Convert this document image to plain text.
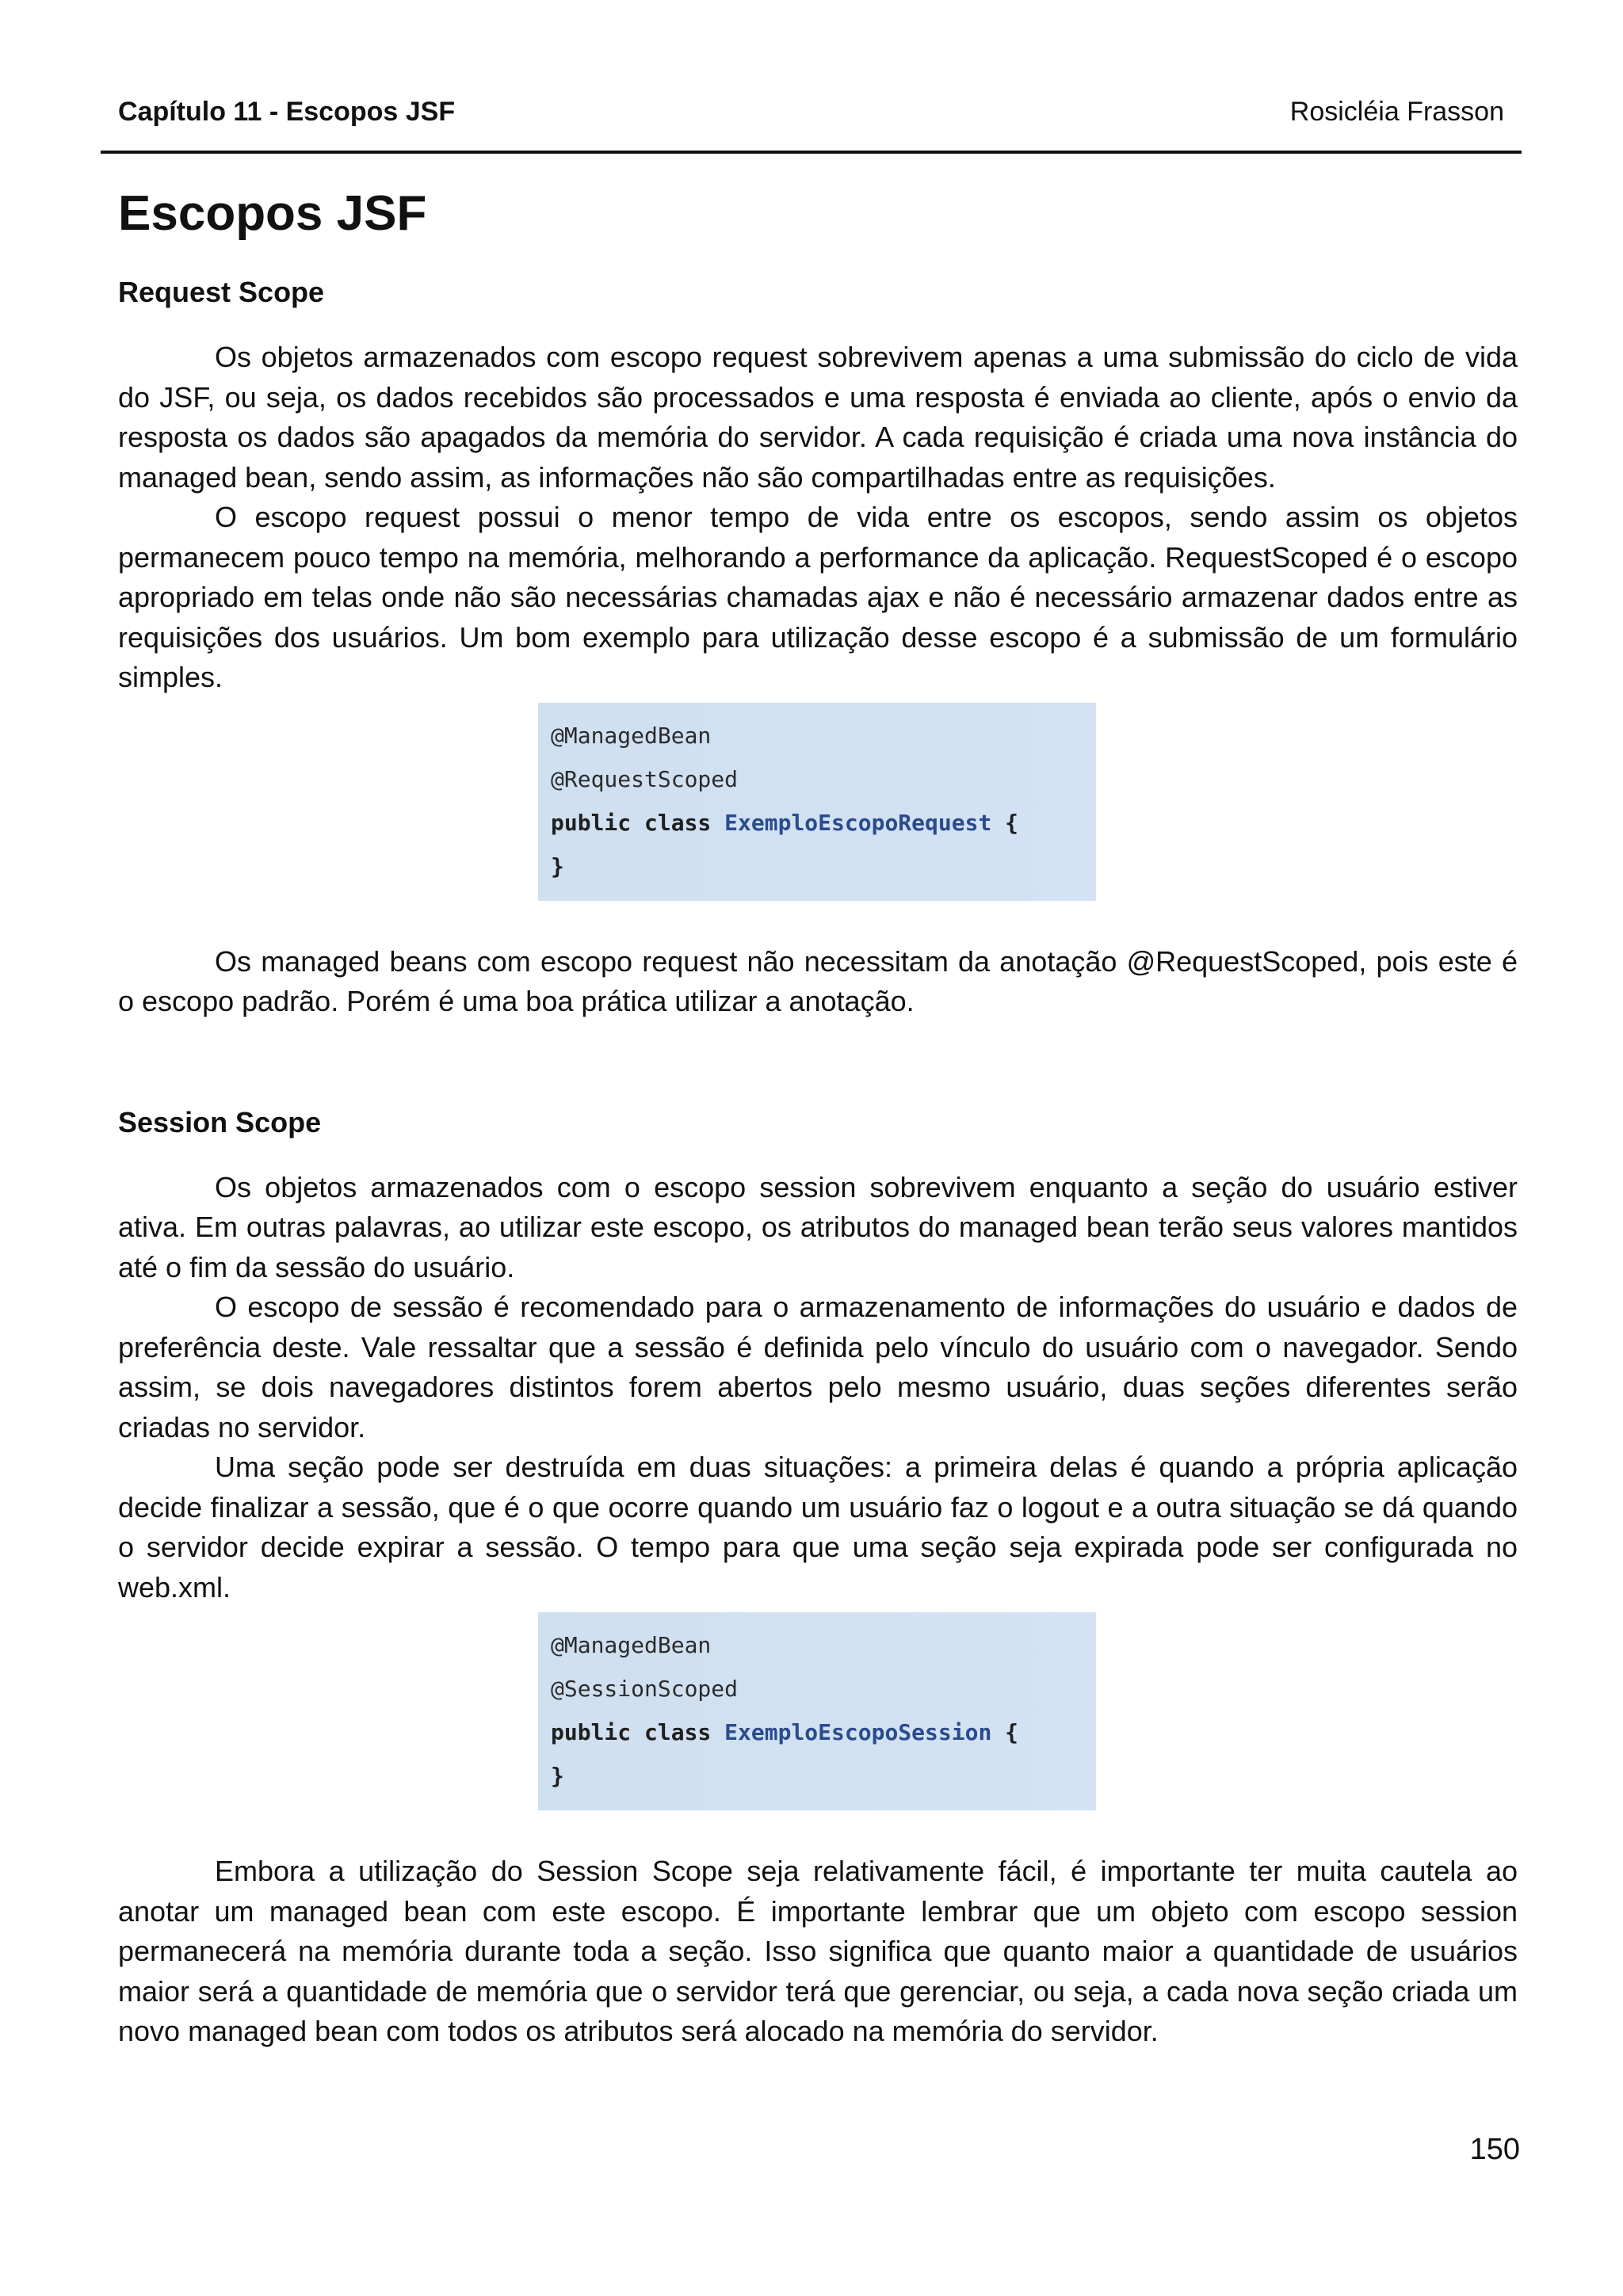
Capítulo 11 - Escopos JSF	Rosicléia Frasson
Escopos JSF
Request Scope

Os objetos armazenados com escopo request sobrevivem apenas a uma submissão do ciclo de vida do JSF, ou seja, os dados recebidos são processados e uma resposta é enviada ao cliente, após o envio da resposta os dados são apagados da memória do servidor. A cada requisição é criada uma nova instância do managed bean, sendo assim, as informações não são compartilhadas entre as requisições.

O escopo request possui o menor tempo de vida entre os escopos, sendo assim os objetos permanecem pouco tempo na memória, melhorando a performance da aplicação. RequestScoped é o escopo apropriado em telas onde não são necessárias chamadas ajax e não é necessário armazenar dados entre as requisições dos usuários. Um bom exemplo para utilização desse escopo é a submissão de um formulário simples.

@ManagedBean
@RequestScoped
public class ExemploEscopoRequest {
}

Os managed beans com escopo request não necessitam da anotação @RequestScoped, pois este é o escopo padrão. Porém é uma boa prática utilizar a anotação.

Session Scope

Os objetos armazenados com o escopo session sobrevivem enquanto a seção do usuário estiver ativa. Em outras palavras, ao utilizar este escopo, os atributos do managed bean terão seus valores mantidos até o fim da sessão do usuário.

O escopo de sessão é recomendado para o armazenamento de informações do usuário e dados de preferência deste. Vale ressaltar que a sessão é definida pelo vínculo do usuário com o navegador. Sendo assim, se dois navegadores distintos forem abertos pelo mesmo usuário, duas seções diferentes serão criadas no servidor.

Uma seção pode ser destruída em duas situações: a primeira delas é quando a própria aplicação decide finalizar a sessão, que é o que ocorre quando um usuário faz o logout e a outra situação se dá quando o servidor decide expirar a sessão. O tempo para que uma seção seja expirada pode ser configurada no web.xml.

@ManagedBean
@SessionScoped
public class ExemploEscopoSession {
}

Embora a utilização do Session Scope seja relativamente fácil, é importante ter muita cautela ao anotar um managed bean com este escopo. É importante lembrar que um objeto com escopo session permanecerá na memória durante toda a seção. Isso significa que quanto maior a quantidade de usuários maior será a quantidade de memória que o servidor terá que gerenciar, ou seja, a cada nova seção criada um novo managed bean com todos os atributos será alocado na memória do servidor.

150
